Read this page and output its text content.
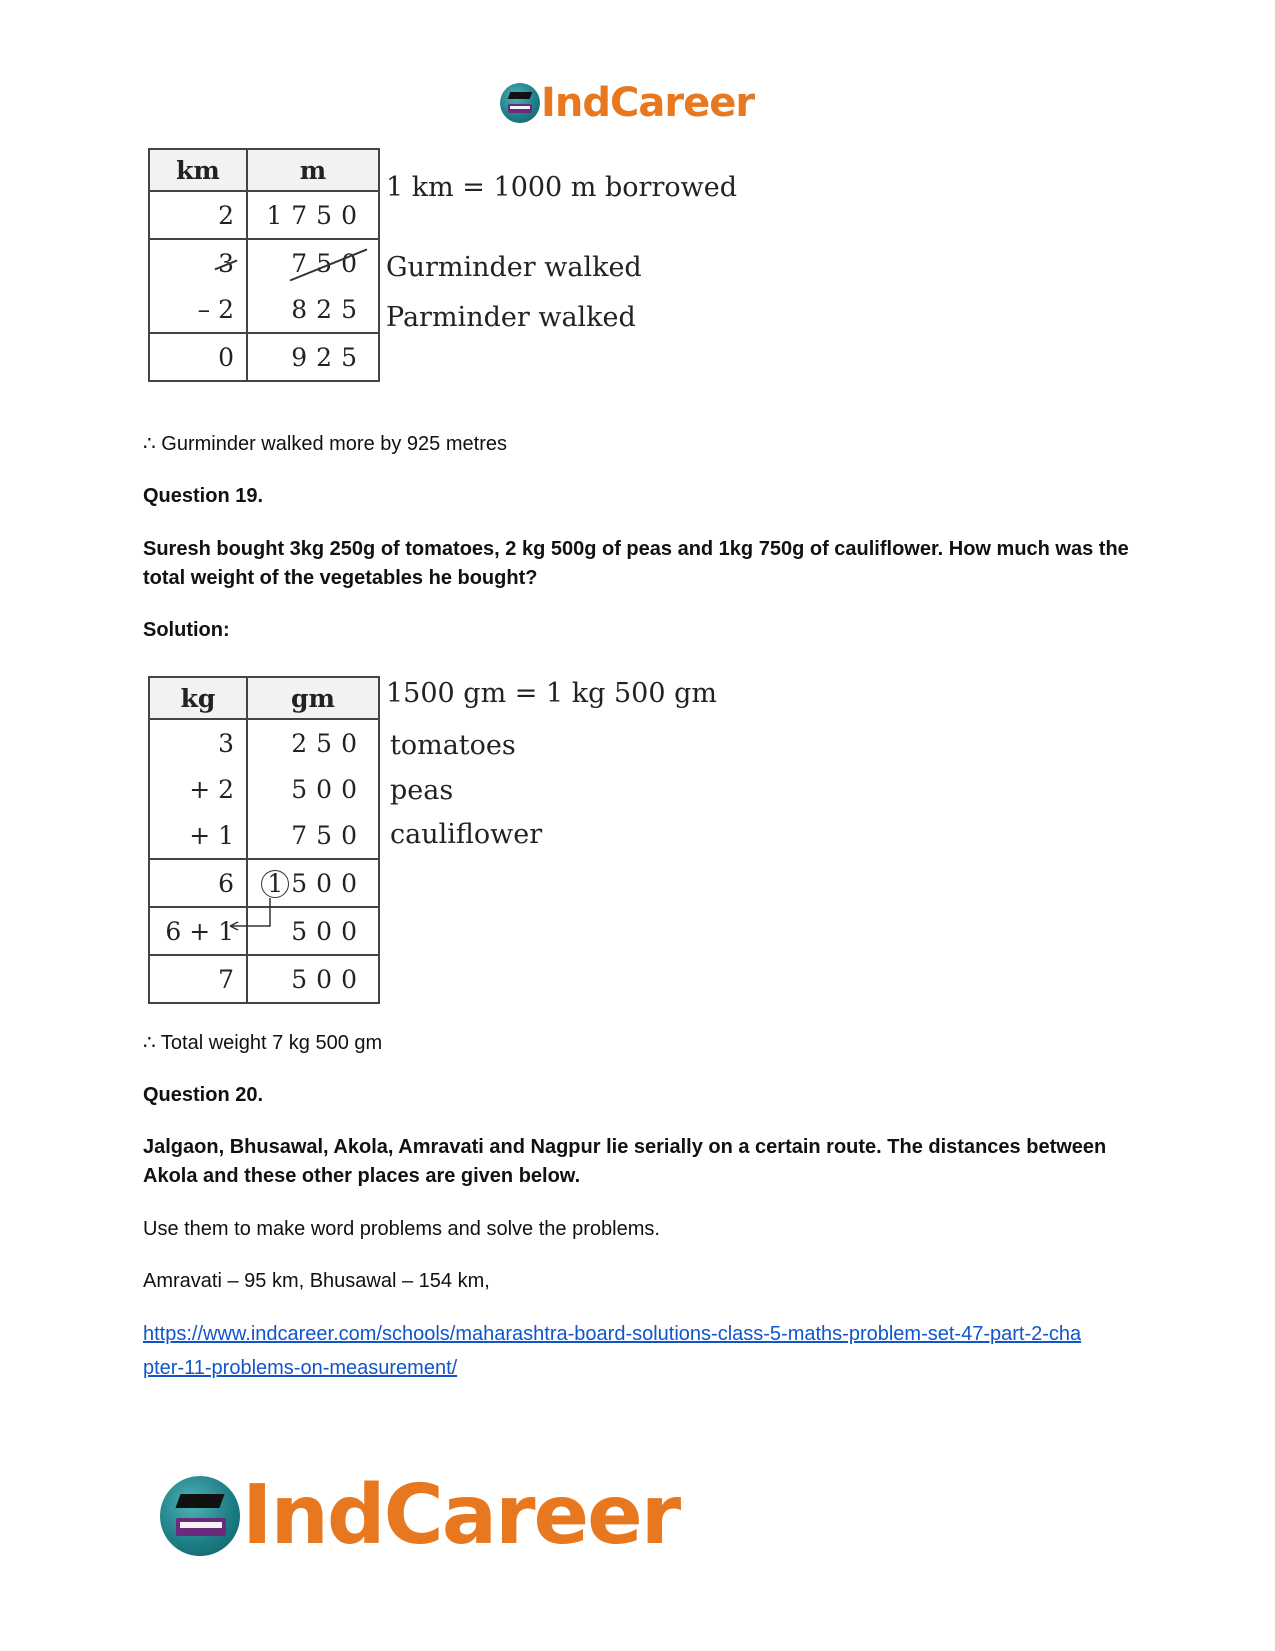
IndCareer
km	m
2	1750
3	750
– 2	825
0	925
1 km = 1000 m borrowed
Gurminder walked
Parminder walked
∴ Gurminder walked more by 925 metres
Question 19.
Suresh bought 3kg 250g of tomatoes, 2 kg 500g of peas and 1kg 750g of cauliflower. How much was the total weight of the vegetables he bought?
Solution:
kg	gm
3	250
+ 2	500
+ 1	750
6	1 500
6 + 1	500
7	500
1500 gm = 1 kg 500 gm
tomatoes
peas
cauliflower
∴ Total weight 7 kg 500 gm
Question 20.
Jalgaon, Bhusawal, Akola, Amravati and Nagpur lie serially on a certain route. The distances between Akola and these other places are given below.
Use them to make word problems and solve the problems.
Amravati – 95 km, Bhusawal – 154 km,
https://www.indcareer.com/schools/maharashtra-board-solutions-class-5-maths-problem-set-47-part-2-chapter-11-problems-on-measurement/
IndCareer
